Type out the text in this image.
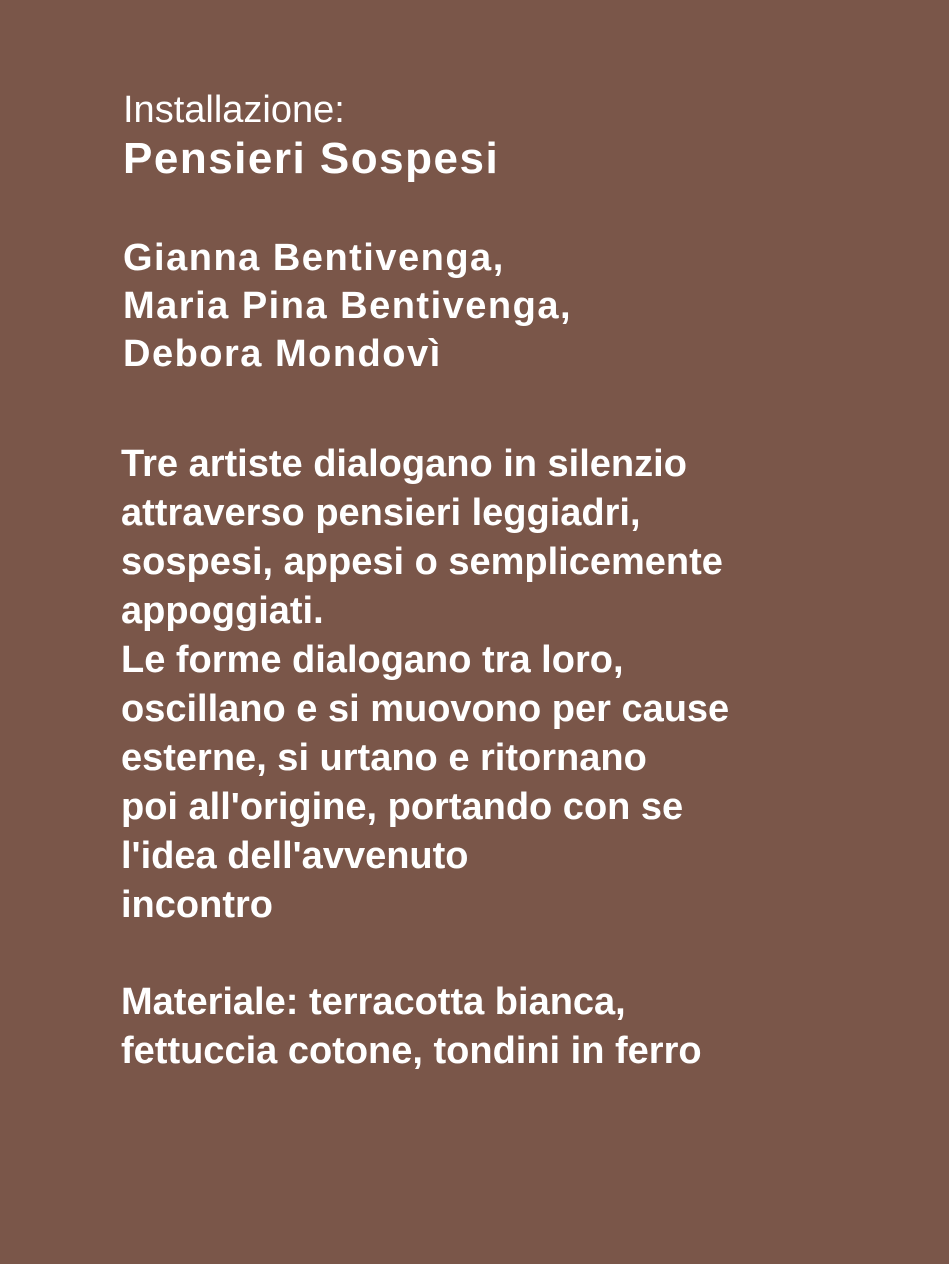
Installazione:
Pensieri Sospesi
Gianna Bentivenga,
Maria Pina Bentivenga,
Debora Mondovì
Tre artiste dialogano in silenzio
attraverso pensieri leggiadri,
sospesi, appesi o semplicemente
appoggiati.
Le forme dialogano tra loro,
oscillano e si muovono per cause
esterne, si urtano e ritornano
poi all'origine, portando con se
l'idea dell'avvenuto
incontro
Materiale: terracotta bianca,
fettuccia cotone, tondini in ferro
